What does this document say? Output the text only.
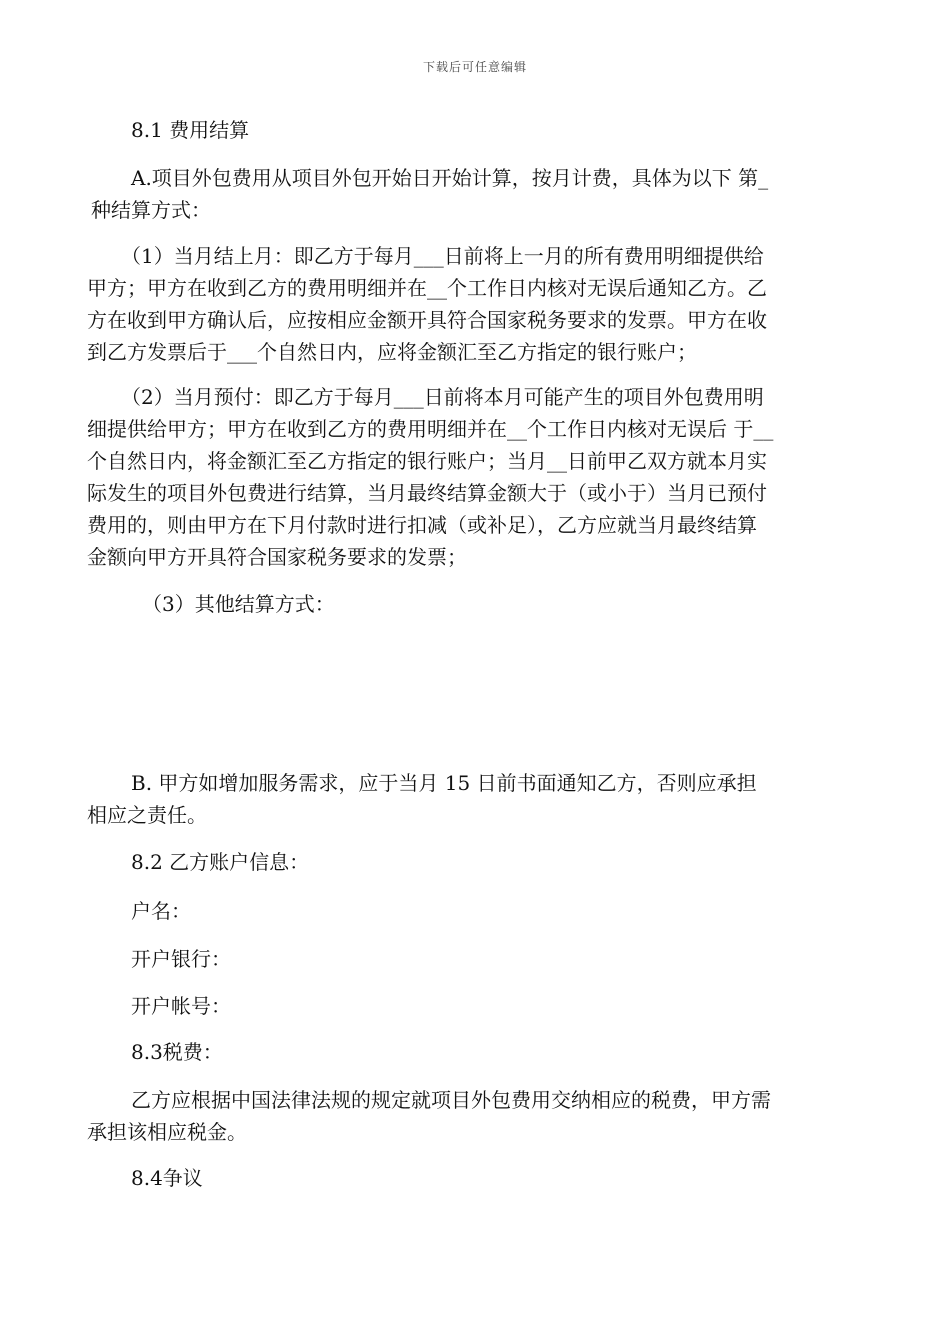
下载后可任意编辑
8.1 费用结算
A.项目外包费用从项目外包开始日开始计算，按月计费，具体为以下 第_
种结算方式：
（1）当月结上月：即乙方于每月___日前将上一月的所有费用明细提供给
甲方；甲方在收到乙方的费用明细并在__个工作日内核对无误后通知乙方。乙
方在收到甲方确认后，应按相应金额开具符合国家税务要求的发票。甲方在收
到乙方发票后于___个自然日内，应将金额汇至乙方指定的银行账户；
（2）当月预付：即乙方于每月___日前将本月可能产生的项目外包费用明
细提供给甲方；甲方在收到乙方的费用明细并在__个工作日内核对无误后 于__
个自然日内，将金额汇至乙方指定的银行账户；当月__日前甲乙双方就本月实
际发生的项目外包费进行结算，当月最终结算金额大于（或小于）当月已预付
费用的，则由甲方在下月付款时进行扣减（或补足），乙方应就当月最终结算
金额向甲方开具符合国家税务要求的发票；
（3）其他结算方式：
B. 甲方如增加服务需求，应于当月 15 日前书面通知乙方，否则应承担
相应之责任。
8.2 乙方账户信息：
户名：
开户银行：
开户帐号：
8.3税费：
乙方应根据中国法律法规的规定就项目外包费用交纳相应的税费，甲方需
承担该相应税金。
8.4争议
